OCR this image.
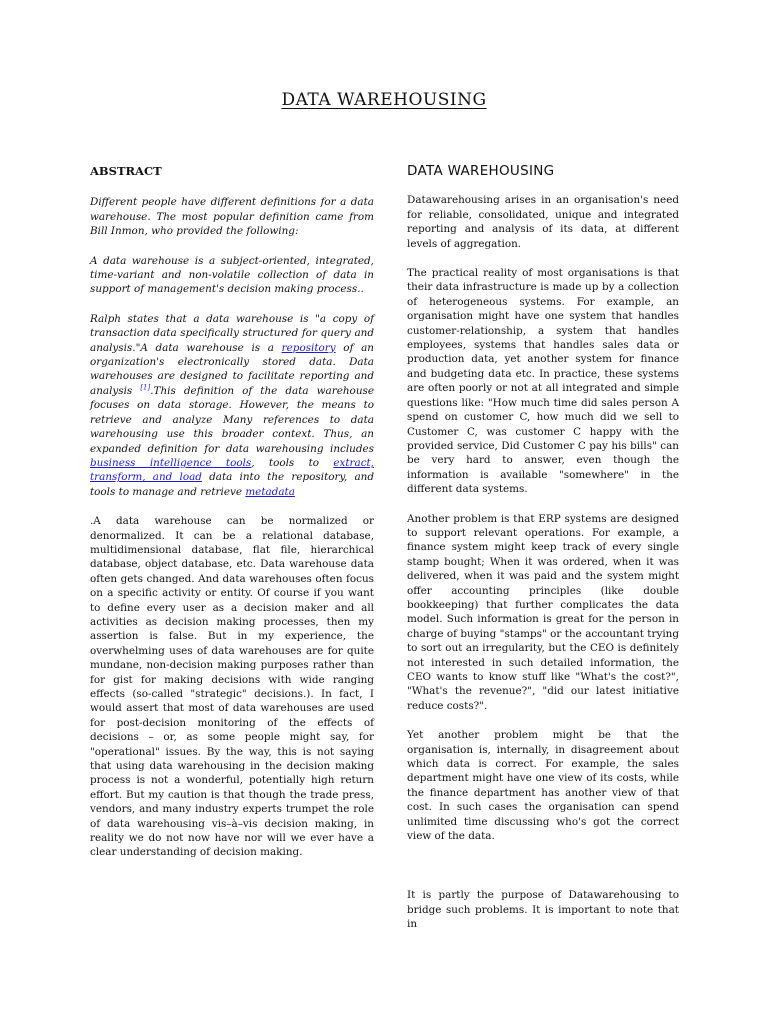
DATA WAREHOUSING
ABSTRACT

Different people have different definitions for a data warehouse. The most popular definition came from Bill Inmon, who provided the following:

A data warehouse is a subject-oriented, integrated, time-variant and non-volatile collection of data in support of management's decision making process..

Ralph states that a data warehouse is "a copy of transaction data specifically structured for query and analysis."A data warehouse is a repository of an organization's electronically stored data. Data warehouses are designed to facilitate reporting and analysis [1].This definition of the data warehouse focuses on data storage. However, the means to retrieve and analyze Many references to data warehousing use this broader context. Thus, an expanded definition for data warehousing includes business intelligence tools, tools to extract, transform, and load data into the repository, and tools to manage and retrieve metadata

.A data warehouse can be normalized or denormalized. It can be a relational database, multidimensional database, flat file, hierarchical database, object database, etc. Data warehouse data often gets changed. And data warehouses often focus on a specific activity or entity. Of course if you want to define every user as a decision maker and all activities as decision making processes, then my assertion is false. But in my experience, the overwhelming uses of data warehouses are for quite mundane, non-decision making purposes rather than for gist for making decisions with wide ranging effects (so-called "strategic" decisions.). In fact, I would assert that most of data warehouses are used for post-decision monitoring of the effects of decisions – or, as some people might say, for "operational" issues. By the way, this is not saying that using data warehousing in the decision making process is not a wonderful, potentially high return effort. But my caution is that though the trade press, vendors, and many industry experts trumpet the role of data warehousing vis–à–vis decision making, in reality we do not now have nor will we ever have a clear understanding of decision making.

DATA WAREHOUSING

Datawarehousing arises in an organisation's need for reliable, consolidated, unique and integrated reporting and analysis of its data, at different levels of aggregation.

The practical reality of most organisations is that their data infrastructure is made up by a collection of heterogeneous systems. For example, an organisation might have one system that handles customer-relationship, a system that handles employees, systems that handles sales data or production data, yet another system for finance and budgeting data etc. In practice, these systems are often poorly or not at all integrated and simple questions like: "How much time did sales person A spend on customer C, how much did we sell to Customer C, was customer C happy with the provided service, Did Customer C pay his bills" can be very hard to answer, even though the information is available "somewhere" in the different data systems.

Another problem is that ERP systems are designed to support relevant operations. For example, a finance system might keep track of every single stamp bought; When it was ordered, when it was delivered, when it was paid and the system might offer accounting principles (like double bookkeeping) that further complicates the data model. Such information is great for the person in charge of buying "stamps" or the accountant trying to sort out an irregularity, but the CEO is definitely not interested in such detailed information, the CEO wants to know stuff like "What's the cost?", "What's the revenue?", "did our latest initiative reduce costs?".

Yet another problem might be that the organisation is, internally, in disagreement about which data is correct. For example, the sales department might have one view of its costs, while the finance department has another view of that cost. In such cases the organisation can spend unlimited time discussing who's got the correct view of the data.

It is partly the purpose of Datawarehousing to bridge such problems. It is important to note that in
